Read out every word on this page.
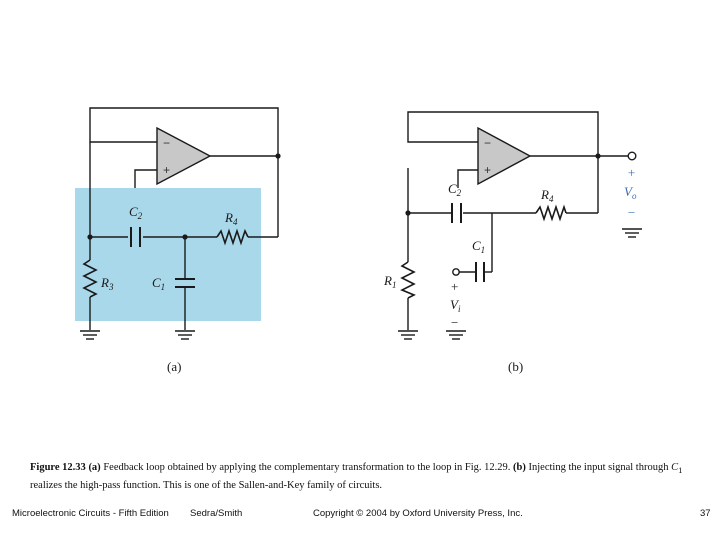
−
+
$C_2$	$R_4$
$R_3$	$C_1$
(a)
−
+
$C_2$	$R_4$
$R_1$
$C_1$
+
$V_i$
−
+
$V_o$
−
(b)
Figure 12.33 (a) Feedback loop obtained by applying the complementary transformation to the loop in Fig. 12.29. (b) Injecting the input signal through $C_1$ realizes the high-pass function. This is one of the Sallen-and-Key family of circuits.
Microelectronic Circuits - Fifth Edition Sedra/Smith	Copyright © 2004 by Oxford University Press, Inc.	37
